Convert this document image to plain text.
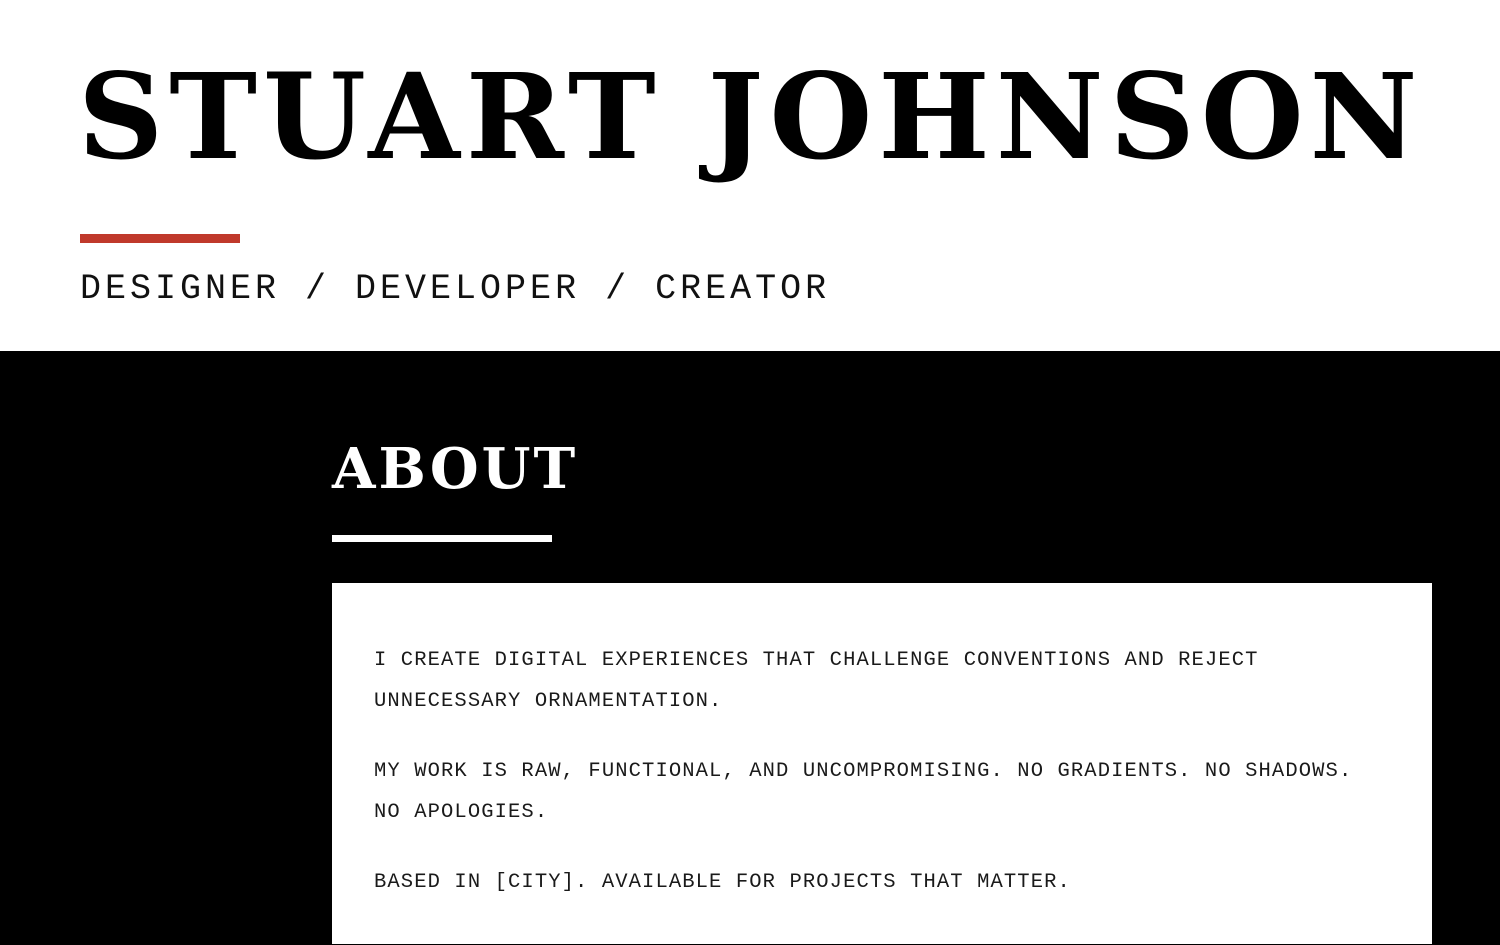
STUART JOHNSON
DESIGNER / DEVELOPER / CREATOR
ABOUT

I CREATE DIGITAL EXPERIENCES THAT CHALLENGE CONVENTIONS AND REJECT UNNECESSARY ORNAMENTATION.

MY WORK IS RAW, FUNCTIONAL, AND UNCOMPROMISING. NO GRADIENTS. NO SHADOWS. NO APOLOGIES.

BASED IN [CITY]. AVAILABLE FOR PROJECTS THAT MATTER.
